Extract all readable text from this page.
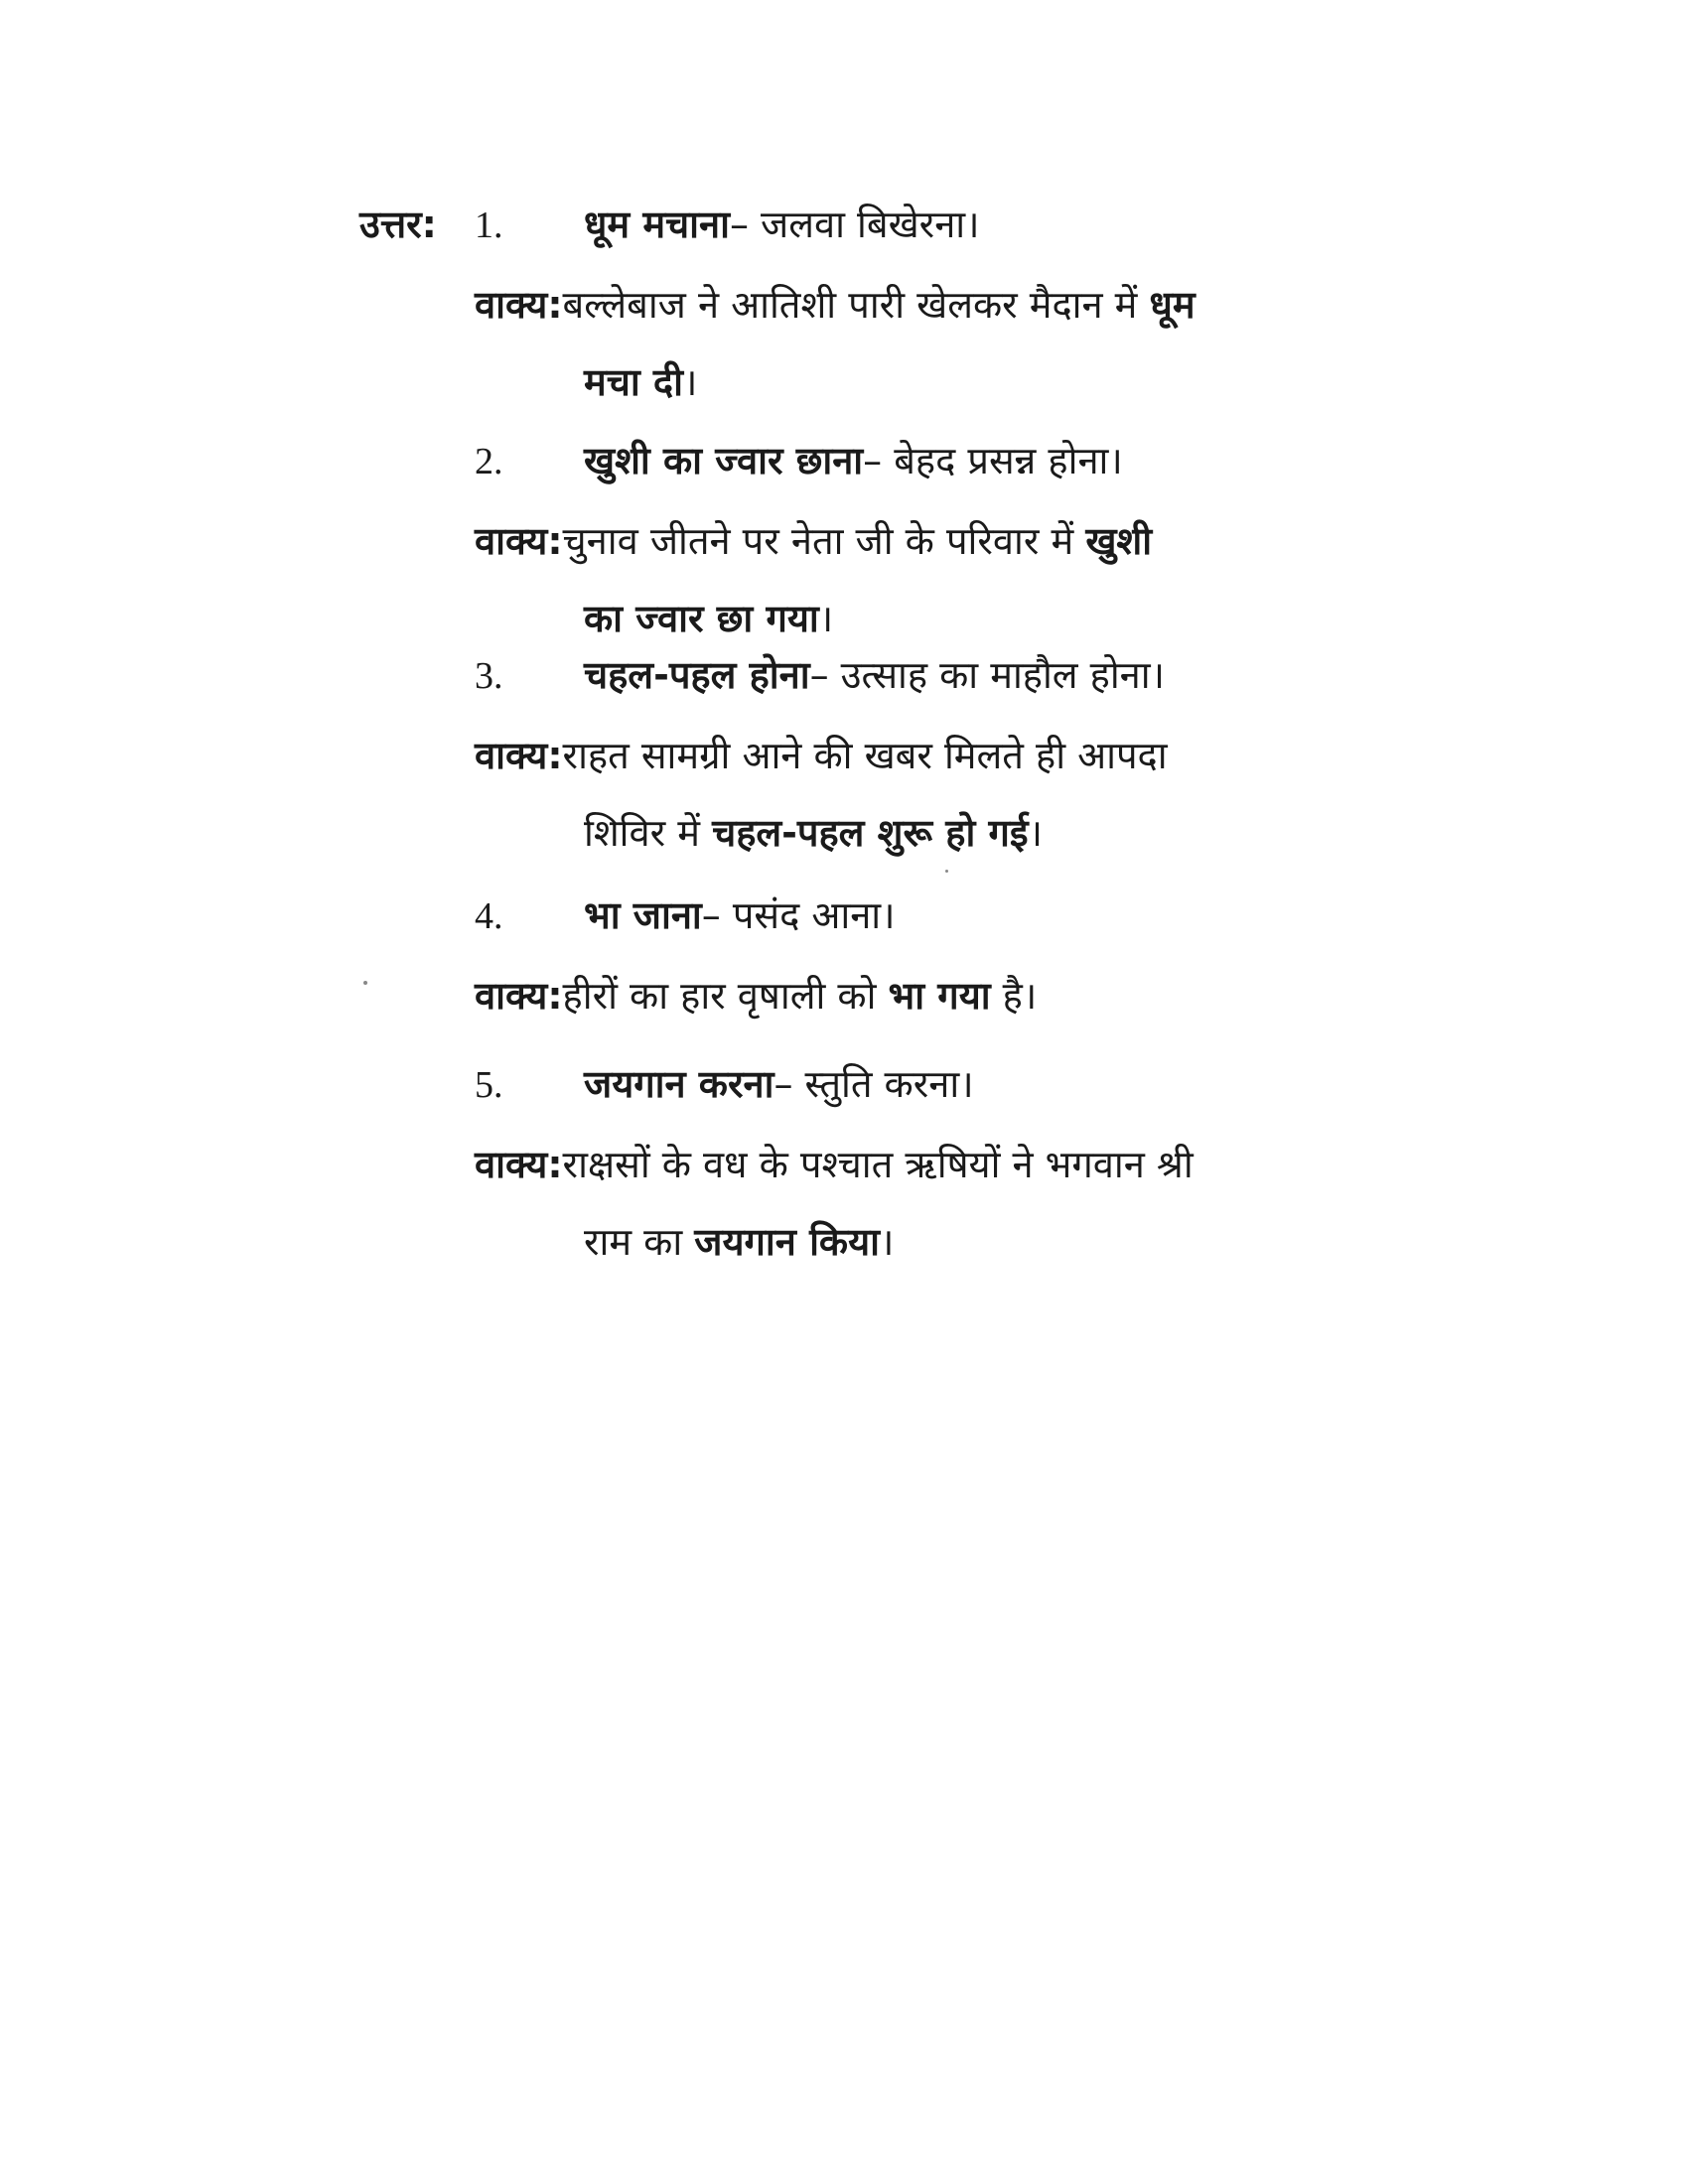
उत्तर: 1.	धूम मचाना – जलवा बिखेरना।
वाक्य:बल्लेबाज ने आतिशी पारी खेलकर मैदान में धूम
मचा दी।
2.	खुशी का ज्वार छाना – बेहद प्रसन्न होना।
वाक्य:चुनाव जीतने पर नेता जी के परिवार में खुशी
का ज्वार छा गया।
3.	चहल-पहल होना – उत्साह का माहौल होना।
वाक्य:राहत सामग्री आने की खबर मिलते ही आपदा
शिविर में चहल-पहल शुरू हो गई।
4.	भा जाना – पसंद आना।
वाक्य:हीरों का हार वृषाली को भा गया है।
5.	जयगान करना – स्तुति करना।
वाक्य:राक्षसों के वध के पश्चात ऋषियों ने भगवान श्री
राम का जयगान किया।
